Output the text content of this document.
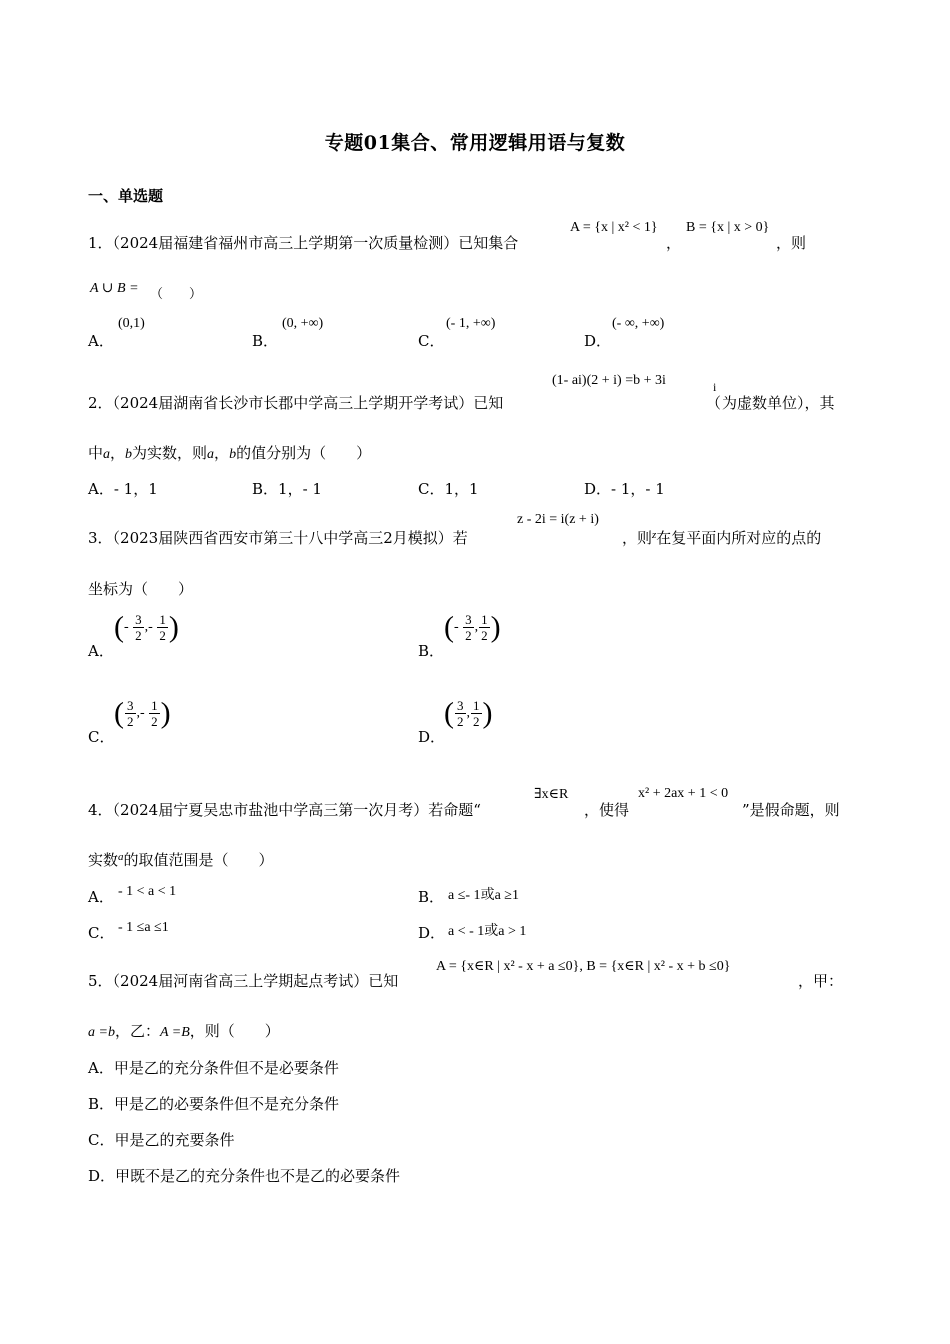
专题01集合、常用逻辑用语与复数
一、单选题
1．（2024届福建省福州市高三上学期第一次质量检测）已知集合
A = {x | x² < 1}
，
B = {x | x > 0}
，则
A ∪ B = （　　）
A．
(0,1)
B．
(0, +∞)
C．
(- 1, +∞)
D．
(- ∞, +∞)
2．（2024届湖南省长沙市长郡中学高三上学期开学考试）已知
(1- ai)(2 + i) =b + 3i	i
（ 为虚数单位），其
中a，b为实数，则a，b的值分别为（　　）
A．- 1，1	B．1，- 1	C．1，1	D．- 1，- 1
3．（2023届陕西省西安市第三十八中学高三2月模拟）若
z - 2i = i(z + i)
，则$^z$在复平面内所对应的点的
坐标为（　　）
A．
(- $\frac{3}{2}$ ,- $\frac{1}{2}$ )
B．
(- $\frac{3}{2}$ , $\frac{1}{2}$ )
C．
( $\frac{3}{2}$ ,- $\frac{1}{2}$ )
D．
( $\frac{3}{2}$ , $\frac{1}{2}$ )
4．（2024届宁夏吴忠市盐池中学高三第一次月考）若命题“
∃x∈R
，使得
x² + 2ax + 1 < 0
”是假命题，则
实数$^a$的取值范围是（　　）
A． - 1 < a < 1	B． a ≤- 1或a ≥1
C． - 1 ≤a ≤1	D． a < - 1或a > 1
5．（2024届河南省高三上学期起点考试）已知
A = {x∈R | x² - x + a ≤0}, B = {x∈R | x² - x + b ≤0}
，甲：
a =b，乙：A =B，则（　　）
A．甲是乙的充分条件但不是必要条件
B．甲是乙的必要条件但不是充分条件
C．甲是乙的充要条件
D．甲既不是乙的充分条件也不是乙的必要条件
